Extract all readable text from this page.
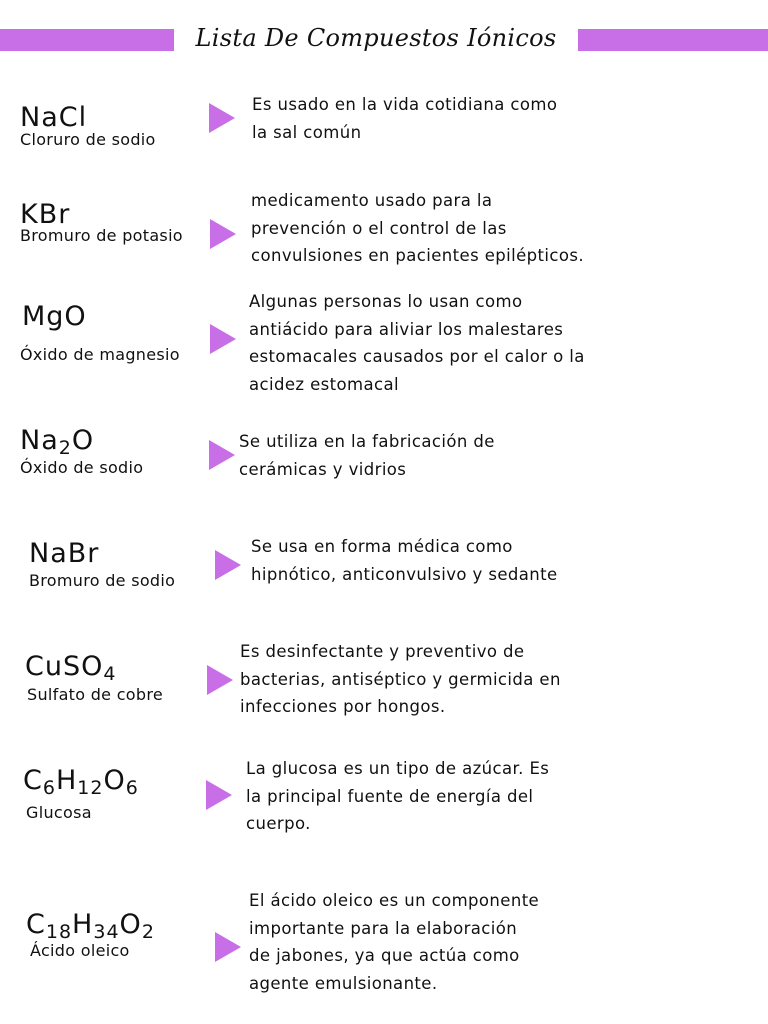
Lista De Compuestos Iónicos
NaCl
Cloruro de sodio
Es usado en la vida cotidiana como
la sal común
KBr
Bromuro de potasio
medicamento usado para la
prevención o el control de las
convulsiones en pacientes epilépticos.
MgO
Óxido de magnesio
Algunas personas lo usan como
antiácido para aliviar los malestares
estomacales causados por el calor o la
acidez estomacal
$Na_2O$
Óxido de sodio
Se utiliza en la fabricación de
cerámicas y vidrios
NaBr
Bromuro de sodio
Se usa en forma médica como
hipnótico, anticonvulsivo y sedante
CuSO$_4$
Sulfato de cobre
Es desinfectante y preventivo de
bacterias, antiséptico y germicida en
infecciones por hongos.
$C_6H_{12}O_6$
Glucosa
La glucosa es un tipo de azúcar. Es
la principal fuente de energía del
cuerpo.
$C_{18}H_{34}O_2$
Ácido oleico
El ácido oleico es un componente
importante para la elaboración
de jabones, ya que actúa como
agente emulsionante.
